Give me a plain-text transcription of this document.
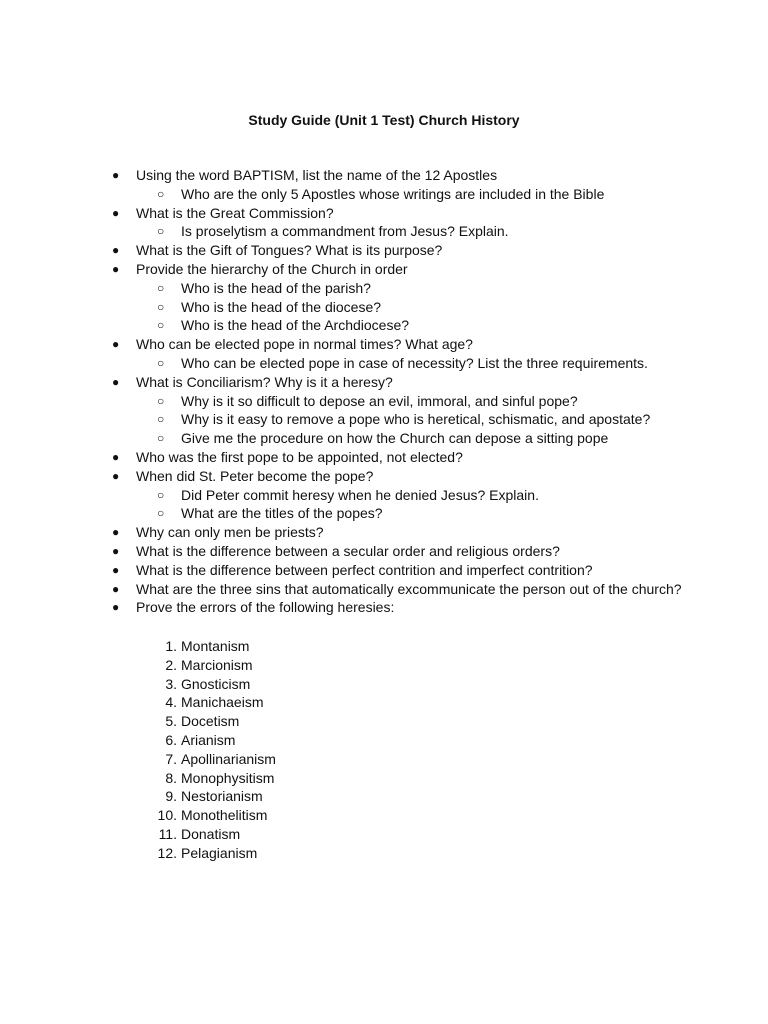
Study Guide (Unit 1 Test) Church History
● Using the word BAPTISM, list the name of the 12 Apostles
○ Who are the only 5 Apostles whose writings are included in the Bible
● What is the Great Commission?
○ Is proselytism a commandment from Jesus? Explain.
● What is the Gift of Tongues? What is its purpose?
● Provide the hierarchy of the Church in order
○ Who is the head of the parish?
○ Who is the head of the diocese?
○ Who is the head of the Archdiocese?
● Who can be elected pope in normal times? What age?
○ Who can be elected pope in case of necessity? List the three requirements.
● What is Conciliarism? Why is it a heresy?
○ Why is it so difficult to depose an evil, immoral, and sinful pope?
○ Why is it easy to remove a pope who is heretical, schismatic, and apostate?
○ Give me the procedure on how the Church can depose a sitting pope
● Who was the first pope to be appointed, not elected?
● When did St. Peter become the pope?
○ Did Peter commit heresy when he denied Jesus? Explain.
○ What are the titles of the popes?
● Why can only men be priests?
● What is the difference between a secular order and religious orders?
● What is the difference between perfect contrition and imperfect contrition?
● What are the three sins that automatically excommunicate the person out of the church?
● Prove the errors of the following heresies:
1. Montanism
2. Marcionism
3. Gnosticism
4. Manichaeism
5. Docetism
6. Arianism
7. Apollinarianism
8. Monophysitism
9. Nestorianism
10. Monothelitism
11. Donatism
12. Pelagianism
